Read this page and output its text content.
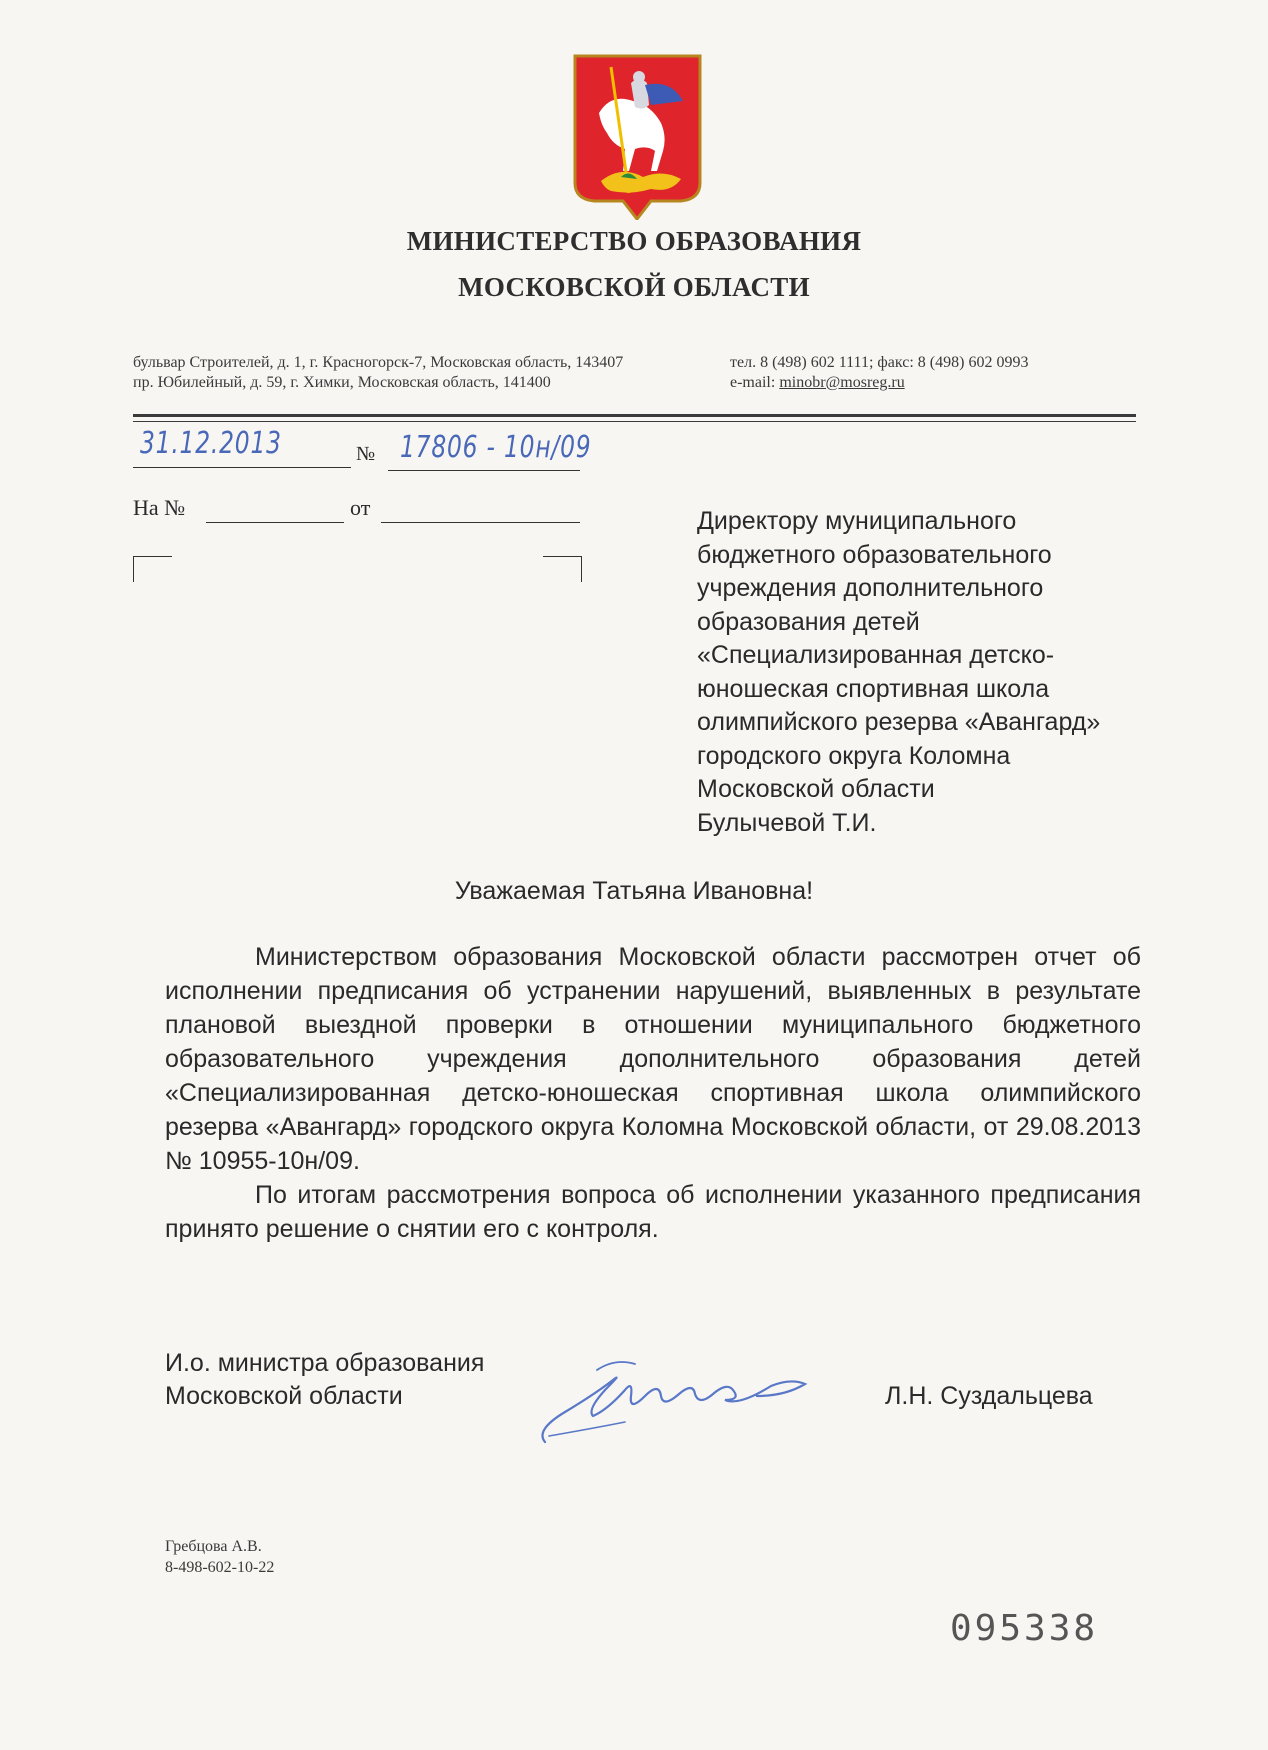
МИНИСТЕРСТВО ОБРАЗОВАНИЯ
МОСКОВСКОЙ ОБЛАСТИ
бульвар Строителей, д. 1, г. Красногорск-7, Московская область, 143407
пр. Юбилейный, д. 59, г. Химки, Московская область, 141400
тел. 8 (498) 602 1111; факс: 8 (498) 602 0993
e-mail: minobr@mosreg.ru
31.12.2013	№ 17806 - 10н/09
На №	от	Директору муниципального
бюджетного образовательного
учреждения дополнительного
образования детей
«Специализированная детско-
юношеская спортивная школа
олимпийского резерва «Авангард»
городского округа Коломна
Московской области
Булычевой Т.И.
Уважаемая Татьяна Ивановна!

Министерством образования Московской области рассмотрен отчет об исполнении предписания об устранении нарушений, выявленных в результате плановой выездной проверки в отношении муниципального бюджетного образовательного учреждения дополнительного образования детей «Специализированная детско-юношеская спортивная школа олимпийского резерва «Авангард» городского округа Коломна Московской области, от 29.08.2013 № 10955-10н/09.

По итогам рассмотрения вопроса об исполнении указанного предписания принято решение о снятии его с контроля.

И.о. министра образования
Московской области	Л.Н. Суздальцева
Гребцова А.В.
8-498-602-10-22
095338
